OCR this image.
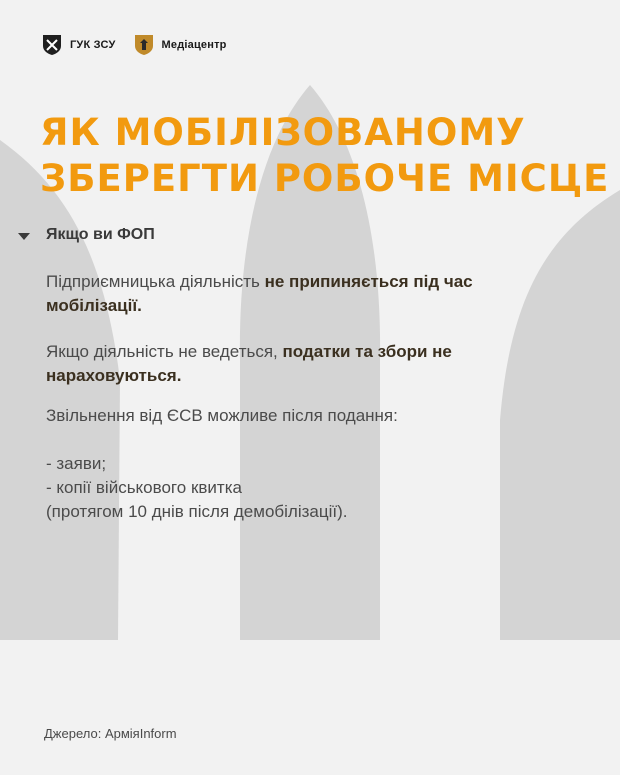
ГУК ЗСУ	Медіацентр
ЯК МОБІЛІЗОВАНОМУ
ЗБЕРЕГТИ РОБОЧЕ МІСЦЕ
Якщо ви ФОП
Підприємницька діяльність не припиняється під час мобілізації.
Якщо діяльність не ведеться, податки та збори не нараховуються.
Звільнення від ЄСВ можливе після подання:
- заяви;
- копії військового квитка
(протягом 10 днів після демобілізації).
Джерело: АрміяInform
